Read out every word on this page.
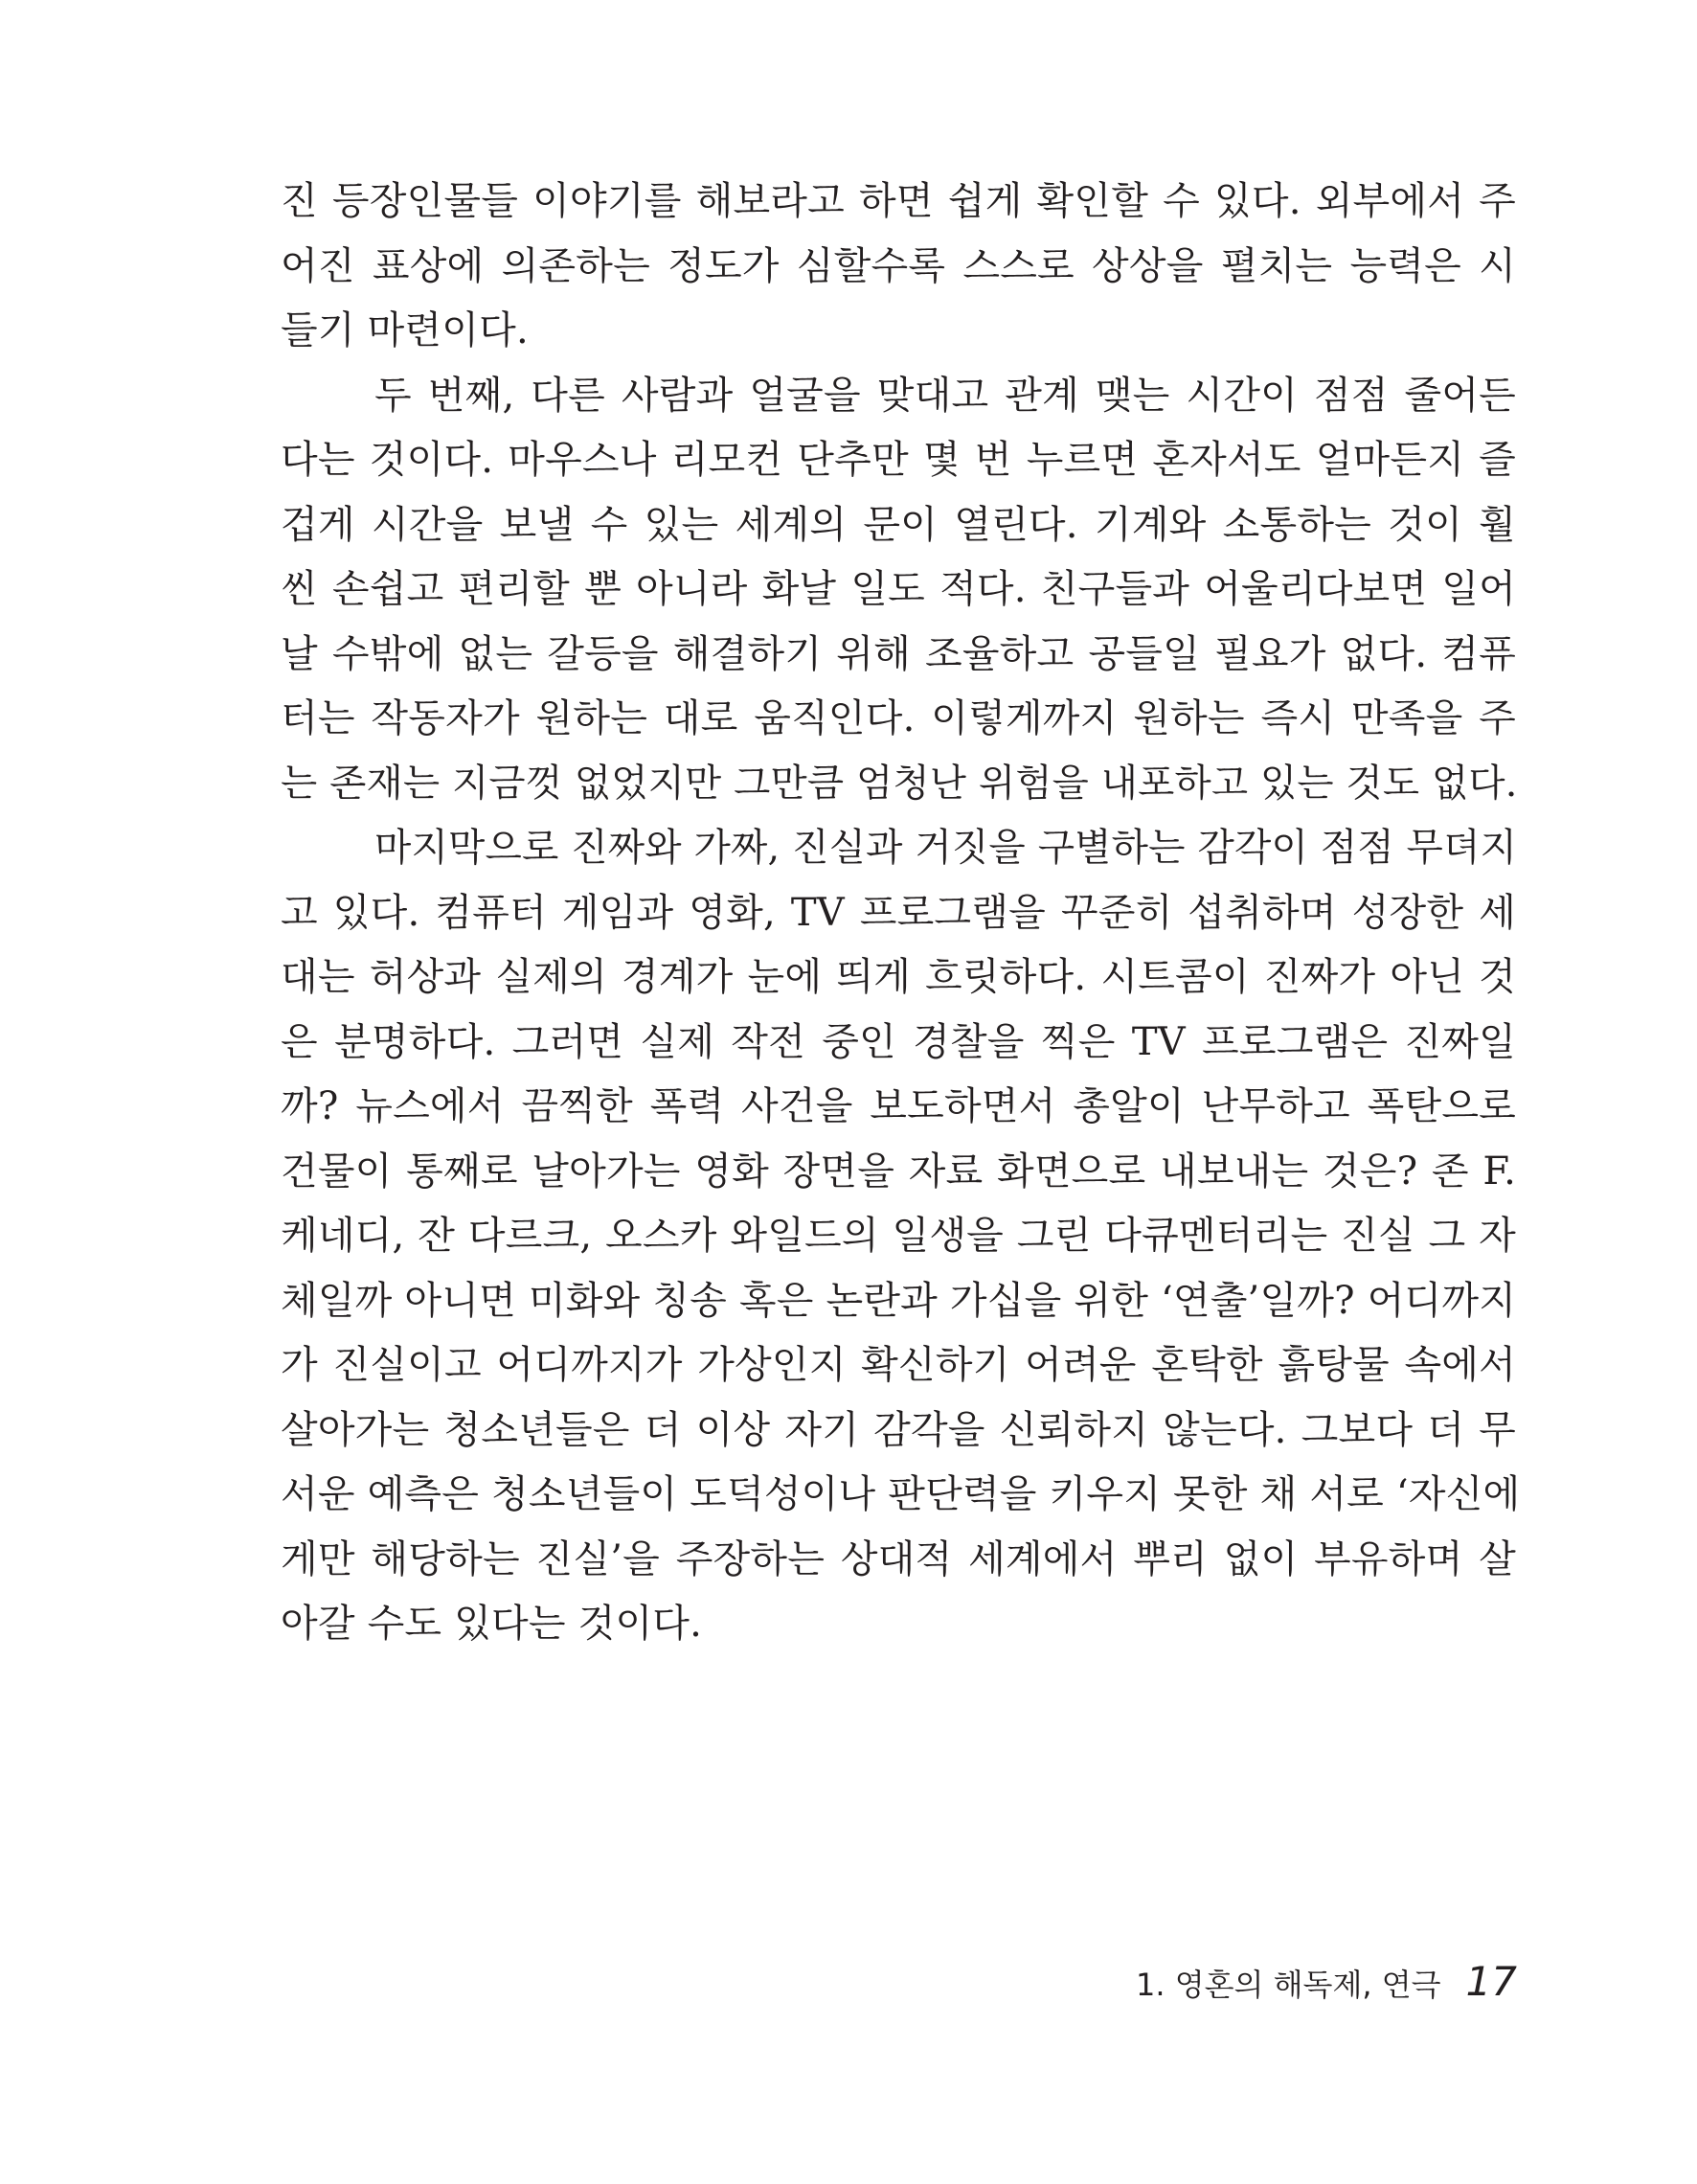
진 등장인물들 이야기를 해보라고 하면 쉽게 확인할 수 있다. 외부에서 주
어진 표상에 의존하는 정도가 심할수록 스스로 상상을 펼치는 능력은 시
들기 마련이다.
두 번째, 다른 사람과 얼굴을 맞대고 관계 맺는 시간이 점점 줄어든
다는 것이다. 마우스나 리모컨 단추만 몇 번 누르면 혼자서도 얼마든지 즐
겁게 시간을 보낼 수 있는 세계의 문이 열린다. 기계와 소통하는 것이 훨
씬 손쉽고 편리할 뿐 아니라 화날 일도 적다. 친구들과 어울리다보면 일어
날 수밖에 없는 갈등을 해결하기 위해 조율하고 공들일 필요가 없다. 컴퓨
터는 작동자가 원하는 대로 움직인다. 이렇게까지 원하는 즉시 만족을 주
는 존재는 지금껏 없었지만 그만큼 엄청난 위험을 내포하고 있는 것도 없다.
마지막으로 진짜와 가짜, 진실과 거짓을 구별하는 감각이 점점 무뎌지
고 있다. 컴퓨터 게임과 영화, TV 프로그램을 꾸준히 섭취하며 성장한 세
대는 허상과 실제의 경계가 눈에 띄게 흐릿하다. 시트콤이 진짜가 아닌 것
은 분명하다. 그러면 실제 작전 중인 경찰을 찍은 TV 프로그램은 진짜일
까? 뉴스에서 끔찍한 폭력 사건을 보도하면서 총알이 난무하고 폭탄으로
건물이 통째로 날아가는 영화 장면을 자료 화면으로 내보내는 것은? 존 F.
케네디, 잔 다르크, 오스카 와일드의 일생을 그린 다큐멘터리는 진실 그 자
체일까 아니면 미화와 칭송 혹은 논란과 가십을 위한 ‘연출’일까? 어디까지
가 진실이고 어디까지가 가상인지 확신하기 어려운 혼탁한 흙탕물 속에서
살아가는 청소년들은 더 이상 자기 감각을 신뢰하지 않는다. 그보다 더 무
서운 예측은 청소년들이 도덕성이나 판단력을 키우지 못한 채 서로 ‘자신에
게만 해당하는 진실’을 주장하는 상대적 세계에서 뿌리 없이 부유하며 살
아갈 수도 있다는 것이다.
1. 영혼의 해독제, 연극 17
